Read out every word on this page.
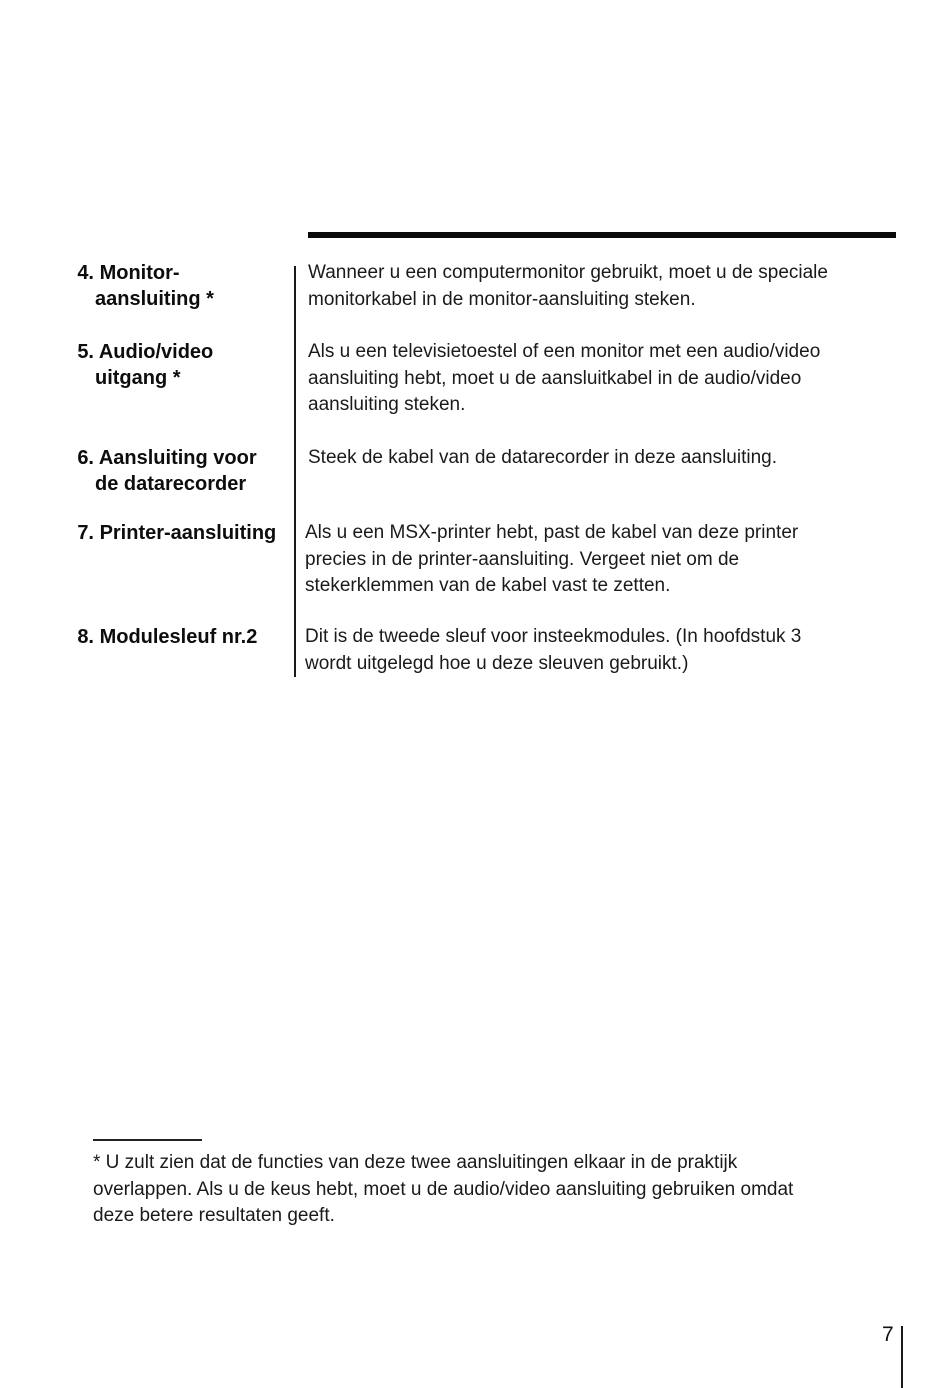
4. Monitor-
aansluiting *
Wanneer u een computermonitor gebruikt, moet u de speciale
monitorkabel in de monitor-aansluiting steken.
5. Audio/video
uitgang *
Als u een televisietoestel of een monitor met een audio/video
aansluiting hebt, moet u de aansluitkabel in de audio/video
aansluiting steken.
6. Aansluiting voor
de datarecorder
Steek de kabel van de datarecorder in deze aansluiting.
7. Printer-aansluiting	Als u een MSX-printer hebt, past de kabel van deze printer
precies in de printer-aansluiting. Vergeet niet om de
stekerklemmen van de kabel vast te zetten.
8. Modulesleuf nr.2	Dit is de tweede sleuf voor insteekmodules. (In hoofdstuk 3
wordt uitgelegd hoe u deze sleuven gebruikt.)
* U zult zien dat de functies van deze twee aansluitingen elkaar in de praktijk
overlappen. Als u de keus hebt, moet u de audio/video aansluiting gebruiken omdat
deze betere resultaten geeft.
7
